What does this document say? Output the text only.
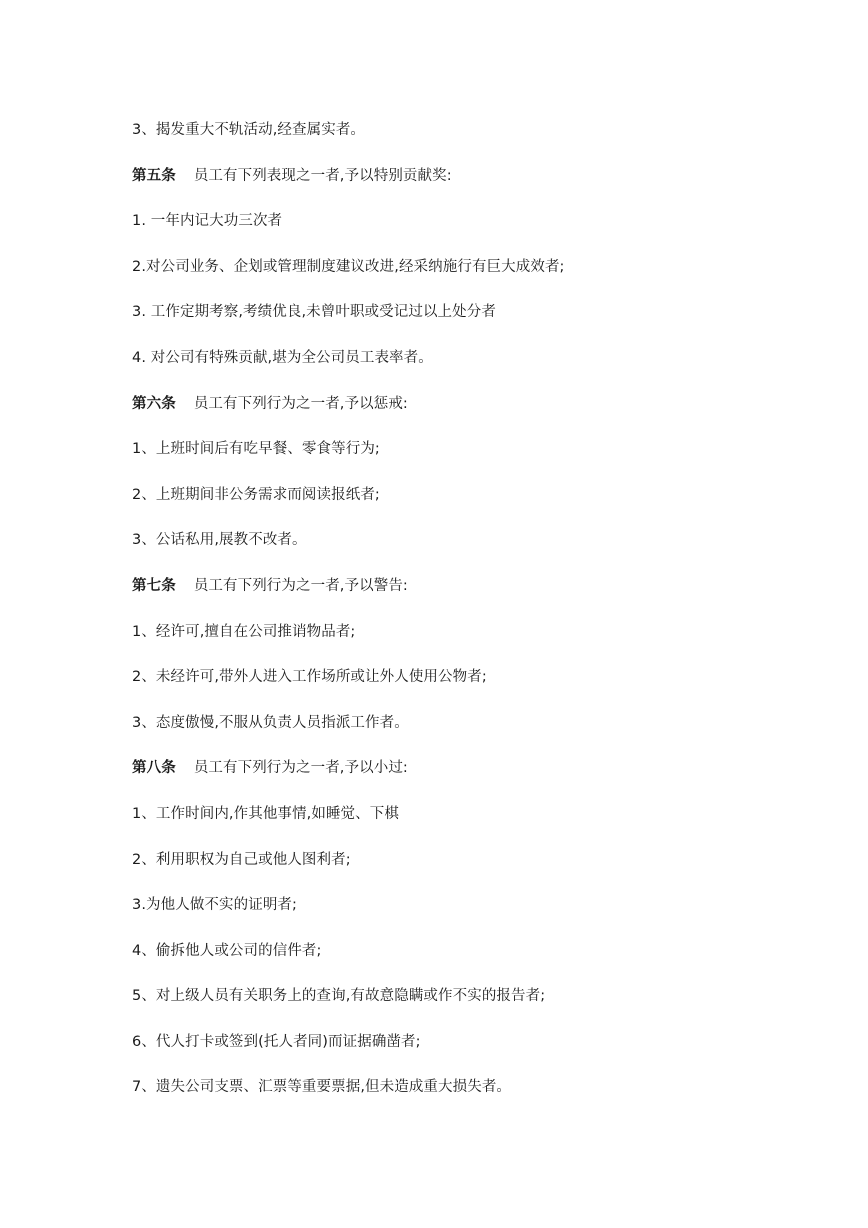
3、揭发重大不轨活动,经查属实者。
第五条 员工有下列表现之一者,予以特别贡献奖:
1. 一年内记大功三次者
2.对公司业务、企划或管理制度建议改进,经采纳施行有巨大成效者;
3. 工作定期考察,考绩优良,未曾叶职或受记过以上处分者
4. 对公司有特殊贡献,堪为全公司员工表率者。
第六条 员工有下列行为之一者,予以惩戒:
1、上班时间后有吃早餐、零食等行为;
2、上班期间非公务需求而阅读报纸者;
3、公话私用,展教不改者。
第七条 员工有下列行为之一者,予以警告:
1、经许可,擅自在公司推诮物品者;
2、未经许可,带外人进入工作场所或让外人使用公物者;
3、态度傲慢,不服从负责人员指派工作者。
第八条 员工有下列行为之一者,予以小过:
1、工作时间内,作其他事情,如睡觉、下棋
2、利用职权为自己或他人图利者;
3.为他人做不实的证明者;
4、偷拆他人或公司的信件者;
5、对上级人员有关职务上的查询,有故意隐瞒或作不实的报告者;
6、代人打卡或签到(托人者同)而证据确凿者;
7、遗失公司支票、汇票等重要票据,但未造成重大损失者。
